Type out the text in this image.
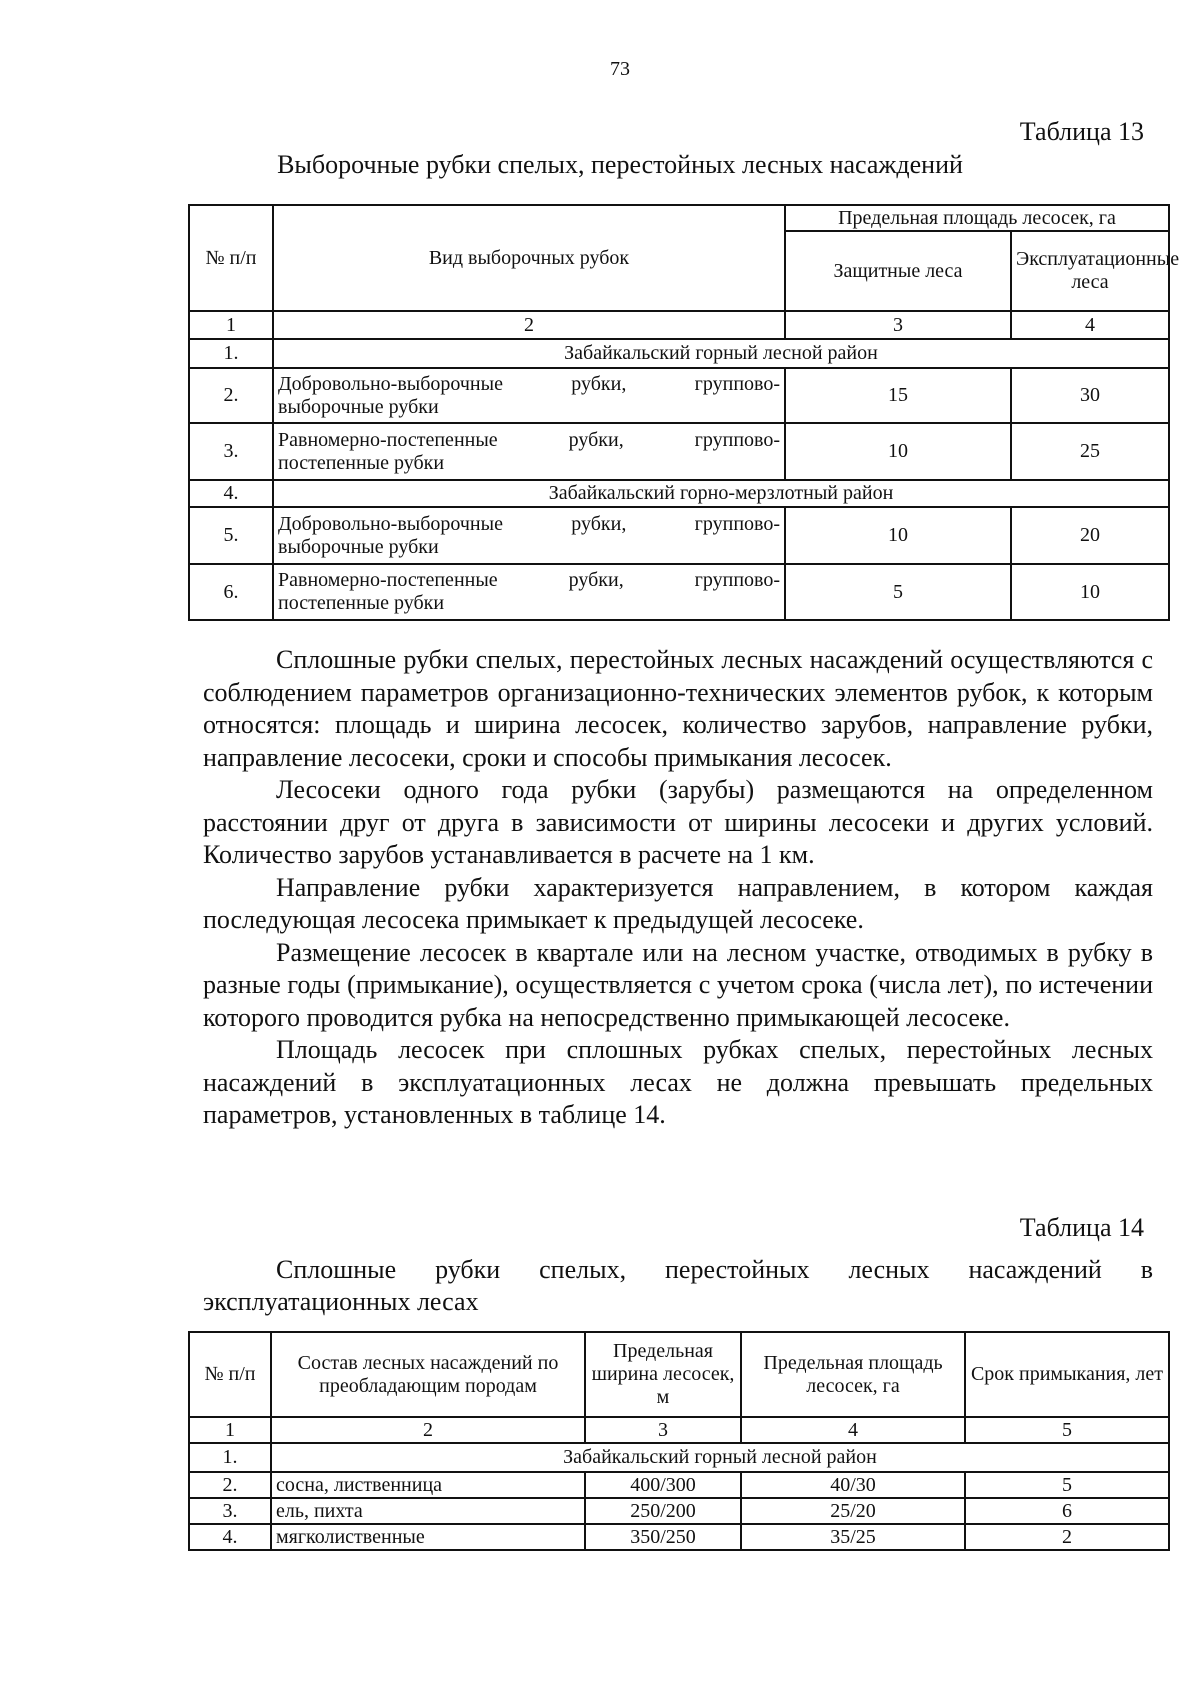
73
Таблица 13
Выборочные рубки спелых, перестойных лесных насаждений
№ п/п	Вид выборочных рубок	Предельная площадь лесосек, га	
		Защитные леса	Эксплуатационные леса
1	2	3	4
1.	Забайкальский горный лесной район		
2.	Добровольно-выборочные рубки, группово-
выборочные рубки	15	30
3.	Равномерно-постепенные рубки, группово-
постепенные рубки	10	25
4.	Забайкальский горно-мерзлотный район		
5.	Добровольно-выборочные рубки, группово-
выборочные рубки	10	20
6.	Равномерно-постепенные рубки, группово-
постепенные рубки	5	10

Сплошные рубки спелых, перестойных лесных насаждений осуществляются с соблюдением параметров организационно-технических элементов рубок, к которым относятся: площадь и ширина лесосек, количество зарубов, направление рубки, направление лесосеки, сроки и способы примыкания лесосек.

Лесосеки одного года рубки (зарубы) размещаются на определенном расстоянии друг от друга в зависимости от ширины лесосеки и других условий. Количество зарубов устанавливается в расчете на 1 км.

Направление рубки характеризуется направлением, в котором каждая последующая лесосека примыкает к предыдущей лесосеке.

Размещение лесосек в квартале или на лесном участке, отводимых в рубку в разные годы (примыкание), осуществляется с учетом срока (числа лет), по истечении которого проводится рубка на непосредственно примыкающей лесосеке.

Площадь лесосек при сплошных рубках спелых, перестойных лесных насаждений в эксплуатационных лесах не должна превышать предельных параметров, установленных в таблице 14.

Таблица 14

Сплошные рубки спелых, перестойных лесных насаждений в эксплуатационных лесах

№ п/п	Состав лесных насаждений по преобладающим породам	Предельная ширина лесосек, м	Предельная площадь лесосек, га	Срок примыкания, лет
1	2	3	4	5
1.	Забайкальский горный лесной район			
2.	сосна, лиственница	400/300	40/30	5
3.	ель, пихта	250/200	25/20	6
4.	мягколиственные	350/250	35/25	2
